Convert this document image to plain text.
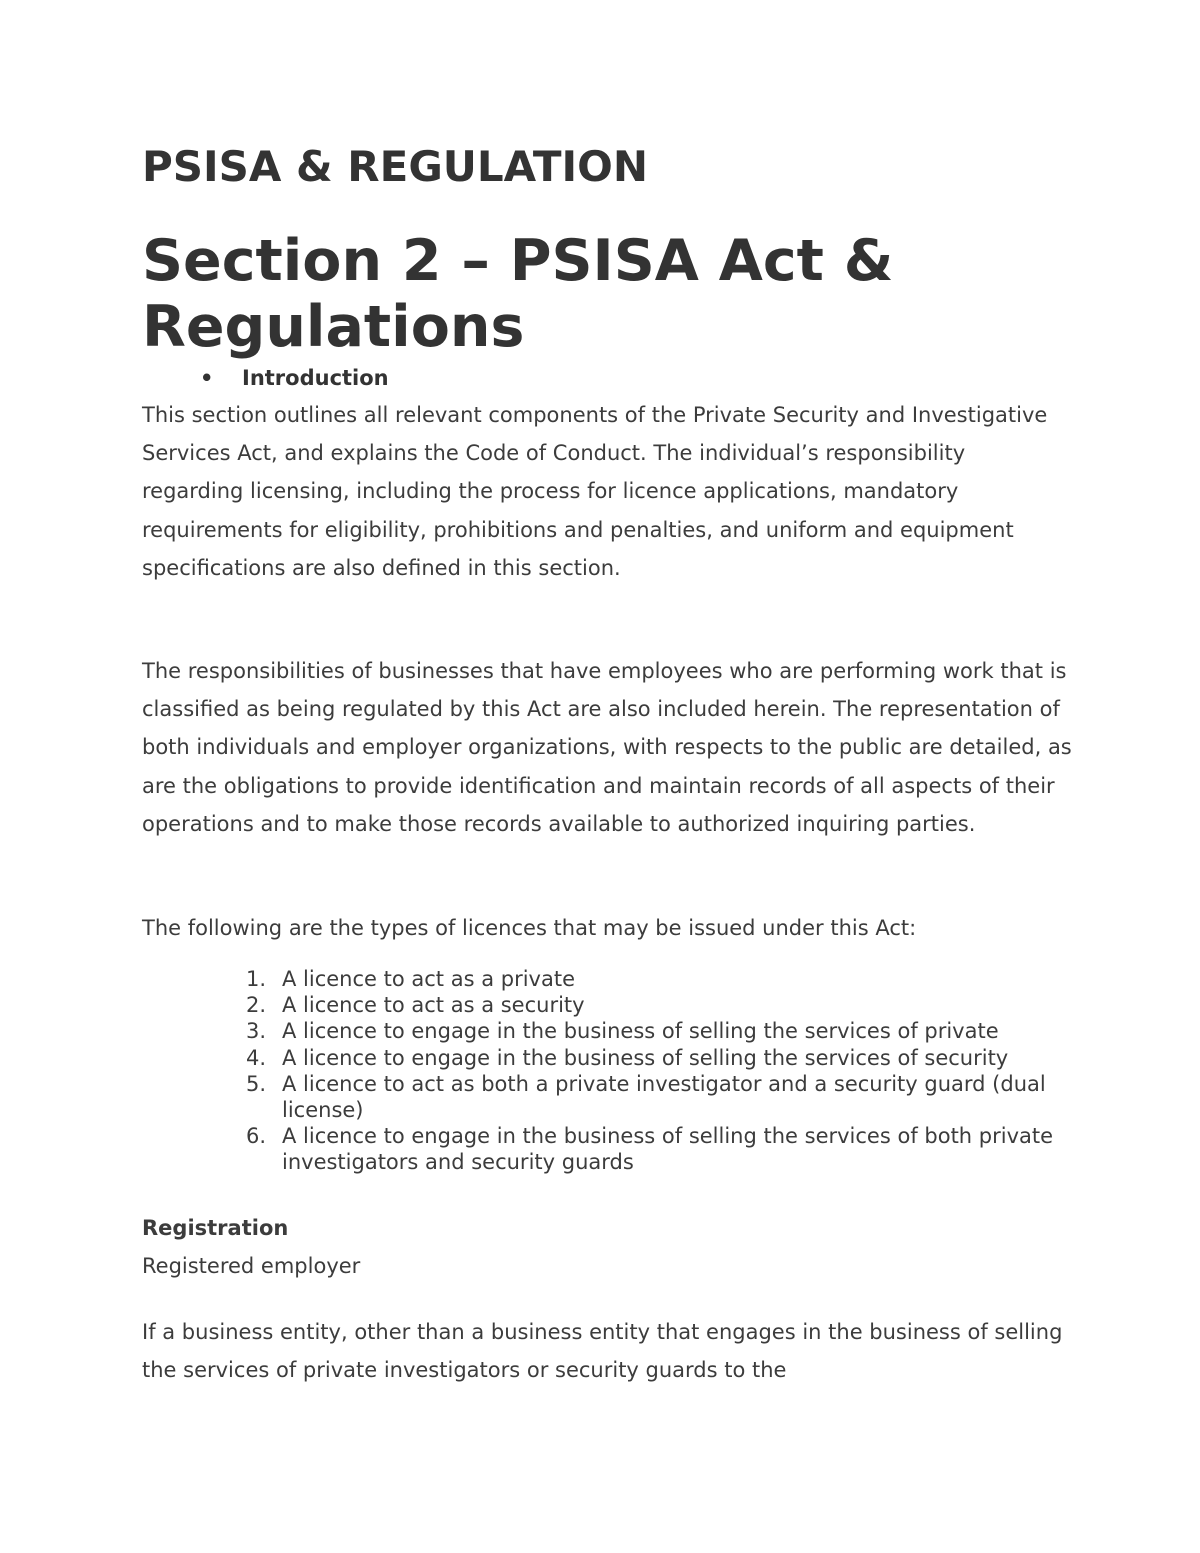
PSISA & REGULATION
Section 2 – PSISA Act & Regulations
• Introduction

This section outlines all relevant components of the Private Security and Investigative Services Act, and explains the Code of Conduct. The individual’s responsibility regarding licensing, including the process for licence applications, mandatory requirements for eligibility, prohibitions and penalties, and uniform and equipment specifications are also defined in this section.

The responsibilities of businesses that have employees who are performing work that is classified as being regulated by this Act are also included herein. The representation of both individuals and employer organizations, with respects to the public are detailed, as are the obligations to provide identification and maintain records of all aspects of their operations and to make those records available to authorized inquiring parties.

The following are the types of licences that may be issued under this Act:

1. A licence to act as a private
2. A licence to act as a security
3. A licence to engage in the business of selling the services of private
4. A licence to engage in the business of selling the services of security
5. A licence to act as both a private investigator and a security guard (dual license)
6. A licence to engage in the business of selling the services of both private investigators and security guards
Registration
Registered employer

If a business entity, other than a business entity that engages in the business of selling the services of private investigators or security guards to the
